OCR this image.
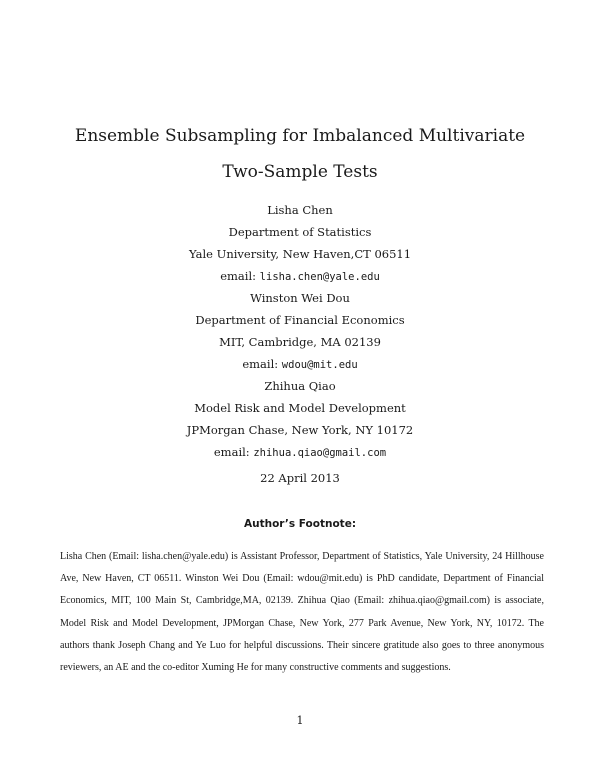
Ensemble Subsampling for Imbalanced Multivariate Two-Sample Tests
Lisha Chen
Department of Statistics
Yale University, New Haven,CT 06511
email: lisha.chen@yale.edu
Winston Wei Dou
Department of Financial Economics
MIT, Cambridge, MA 02139
email: wdou@mit.edu
Zhihua Qiao
Model Risk and Model Development
JPMorgan Chase, New York, NY 10172
email: zhihua.qiao@gmail.com
22 April 2013
Author’s Footnote:

Lisha Chen (Email: lisha.chen@yale.edu) is Assistant Professor, Department of Statistics, Yale University, 24 Hillhouse Ave, New Haven, CT 06511. Winston Wei Dou (Email: wdou@mit.edu) is PhD candidate, Department of Financial Economics, MIT, 100 Main St, Cambridge,MA, 02139. Zhihua Qiao (Email: zhihua.qiao@gmail.com) is associate, Model Risk and Model Development, JPMorgan Chase, New York, 277 Park Avenue, New York, NY, 10172. The authors thank Joseph Chang and Ye Luo for helpful discussions. Their sincere gratitude also goes to three anonymous reviewers, an AE and the co-editor Xuming He for many constructive comments and suggestions.

1
